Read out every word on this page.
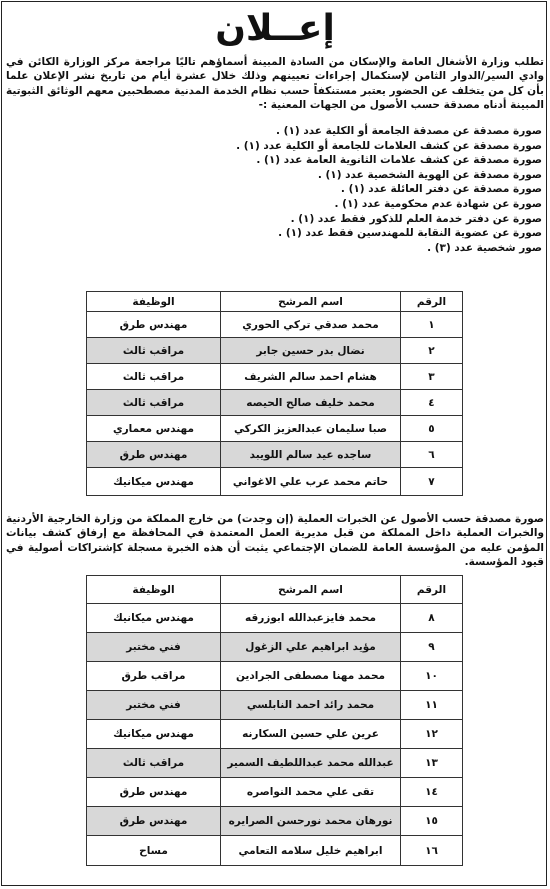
إعــلان
تطلب وزارة الأشغال العامة والإسكان من السادة المبينة أسماؤهم تاليًا مراجعة مركز الوزارة الكائن في وادي السير/الدوار الثامن لإستكمال إجراءات تعيينهم وذلك خلال عشرة أيام من تاريخ نشر الإعلان علما بأن كل من يتخلف عن الحضور يعتبر مستنكفاً حسب نظام الخدمة المدنية مصطحبين معهم الوثائق الثبوتية المبينة أدناه مصدقة حسب الأصول من الجهات المعنية :-
صورة مصدقة عن مصدقة الجامعة أو الكلية عدد (١) .
صورة مصدقة عن كشف العلامات للجامعة أو الكلية عدد (١) .
صورة مصدقة عن كشف علامات الثانوية العامة عدد (١) .
صورة مصدقة عن الهوية الشخصية عدد (١) .
صورة مصدقة عن دفتر العائلة عدد (١) .
صورة عن شهادة عدم محكومية عدد (١) .
صورة عن دفتر خدمة العلم للذكور فقط عدد (١) .
صورة عن عضوية النقابة للمهندسين فقط عدد (١) .
صور شخصية عدد (٣) .
الرقم	اسم المرشح	الوظيفة
١	محمد صدقي تركي الحوري	مهندس طرق
٢	نضال بدر حسين جابر	مراقب ثالث
٣	هشام احمد سالم الشريف	مراقب ثالث
٤	محمد خليف صالح الحيصه	مراقب ثالث
٥	صبا سليمان عبدالعزيز الكركي	مهندس معماري
٦	ساجده عيد سالم اللويبد	مهندس طرق
٧	حاتم محمد عرب علي الاغواني	مهندس ميكانيك
صورة مصدقة حسب الأصول عن الخبرات العملية (إن وجدت) من خارج المملكة من وزارة الخارجية الأردنية والخبرات العملية داخل المملكة من قبل مديرية العمل المعتمدة في المحافظة مع إرفاق كشف بيانات المؤمن عليه من المؤسسة العامة للضمان الإجتماعي يثبت أن هذه الخبرة مسجلة كإشتراكات أصولية في قيود المؤسسة.
الرقم	اسم المرشح	الوظيفة
٨	محمد فايزعبدالله ابوزرقه	مهندس ميكانيك
٩	مؤيد ابراهيم علي الزغول	فني مختبر
١٠	محمد مهنا مصطفى الجرادين	مراقب طرق
١١	محمد رائد احمد النابلسي	فني مختبر
١٢	عرين علي حسين السكارنه	مهندس ميكانيك
١٣	عبدالله محمد عبداللطيف السمير	مراقب ثالث
١٤	تقى علي محمد النواصره	مهندس طرق
١٥	نورهان محمد نورحسن الصرايره	مهندس طرق
١٦	ابراهيم خليل سلامه التعامي	مساح
